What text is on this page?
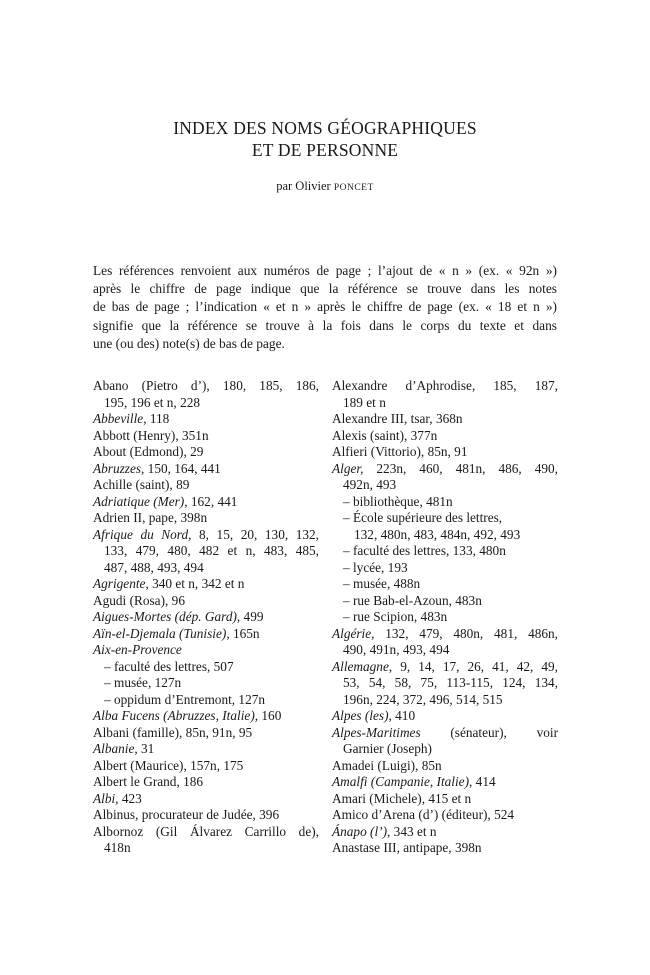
INDEX DES NOMS GÉOGRAPHIQUES
ET DE PERSONNE
par Olivier PONCET
Les références renvoient aux numéros de page ; l’ajout de « n » (ex. « 92n »)
après le chiffre de page indique que la référence se trouve dans les notes
de bas de page ; l’indication « et n » après le chiffre de page (ex. « 18 et n »)
signifie que la référence se trouve à la fois dans le corps du texte et dans
une (ou des) note(s) de bas de page.
Abano (Pietro d’), 180, 185, 186,
195, 196 et n, 228
Abbeville, 118
Abbott (Henry), 351n
About (Edmond), 29
Abruzzes, 150, 164, 441
Achille (saint), 89
Adriatique (Mer), 162, 441
Adrien II, pape, 398n
Afrique du Nord, 8, 15, 20, 130, 132,
133, 479, 480, 482 et n, 483, 485,
487, 488, 493, 494
Agrigente, 340 et n, 342 et n
Agudi (Rosa), 96
Aigues-Mortes (dép. Gard), 499
Aïn-el-Djemala (Tunisie), 165n
Aix-en-Provence
– faculté des lettres, 507
– musée, 127n
– oppidum d’Entremont, 127n
Alba Fucens (Abruzzes, Italie), 160
Albani (famille), 85n, 91n, 95
Albanie, 31
Albert (Maurice), 157n, 175
Albert le Grand, 186
Albi, 423
Albinus, procurateur de Judée, 396
Albornoz (Gil Álvarez Carrillo de),
418n
Alexandre d’Aphrodise, 185, 187,
189 et n
Alexandre III, tsar, 368n
Alexis (saint), 377n
Alfieri (Vittorio), 85n, 91
Alger, 223n, 460, 481n, 486, 490,
492n, 493
– bibliothèque, 481n
– École supérieure des lettres,
132, 480n, 483, 484n, 492, 493
– faculté des lettres, 133, 480n
– lycée, 193
– musée, 488n
– rue Bab-el-Azoun, 483n
– rue Scipion, 483n
Algérie, 132, 479, 480n, 481, 486n,
490, 491n, 493, 494
Allemagne, 9, 14, 17, 26, 41, 42, 49,
53, 54, 58, 75, 113-115, 124, 134,
196n, 224, 372, 496, 514, 515
Alpes (les), 410
Alpes-Maritimes (sénateur), voir
Garnier (Joseph)
Amadei (Luigi), 85n
Amalfi (Campanie, Italie), 414
Amari (Michele), 415 et n
Amico d’Arena (d’) (éditeur), 524
Ánapo (l’), 343 et n
Anastase III, antipape, 398n
